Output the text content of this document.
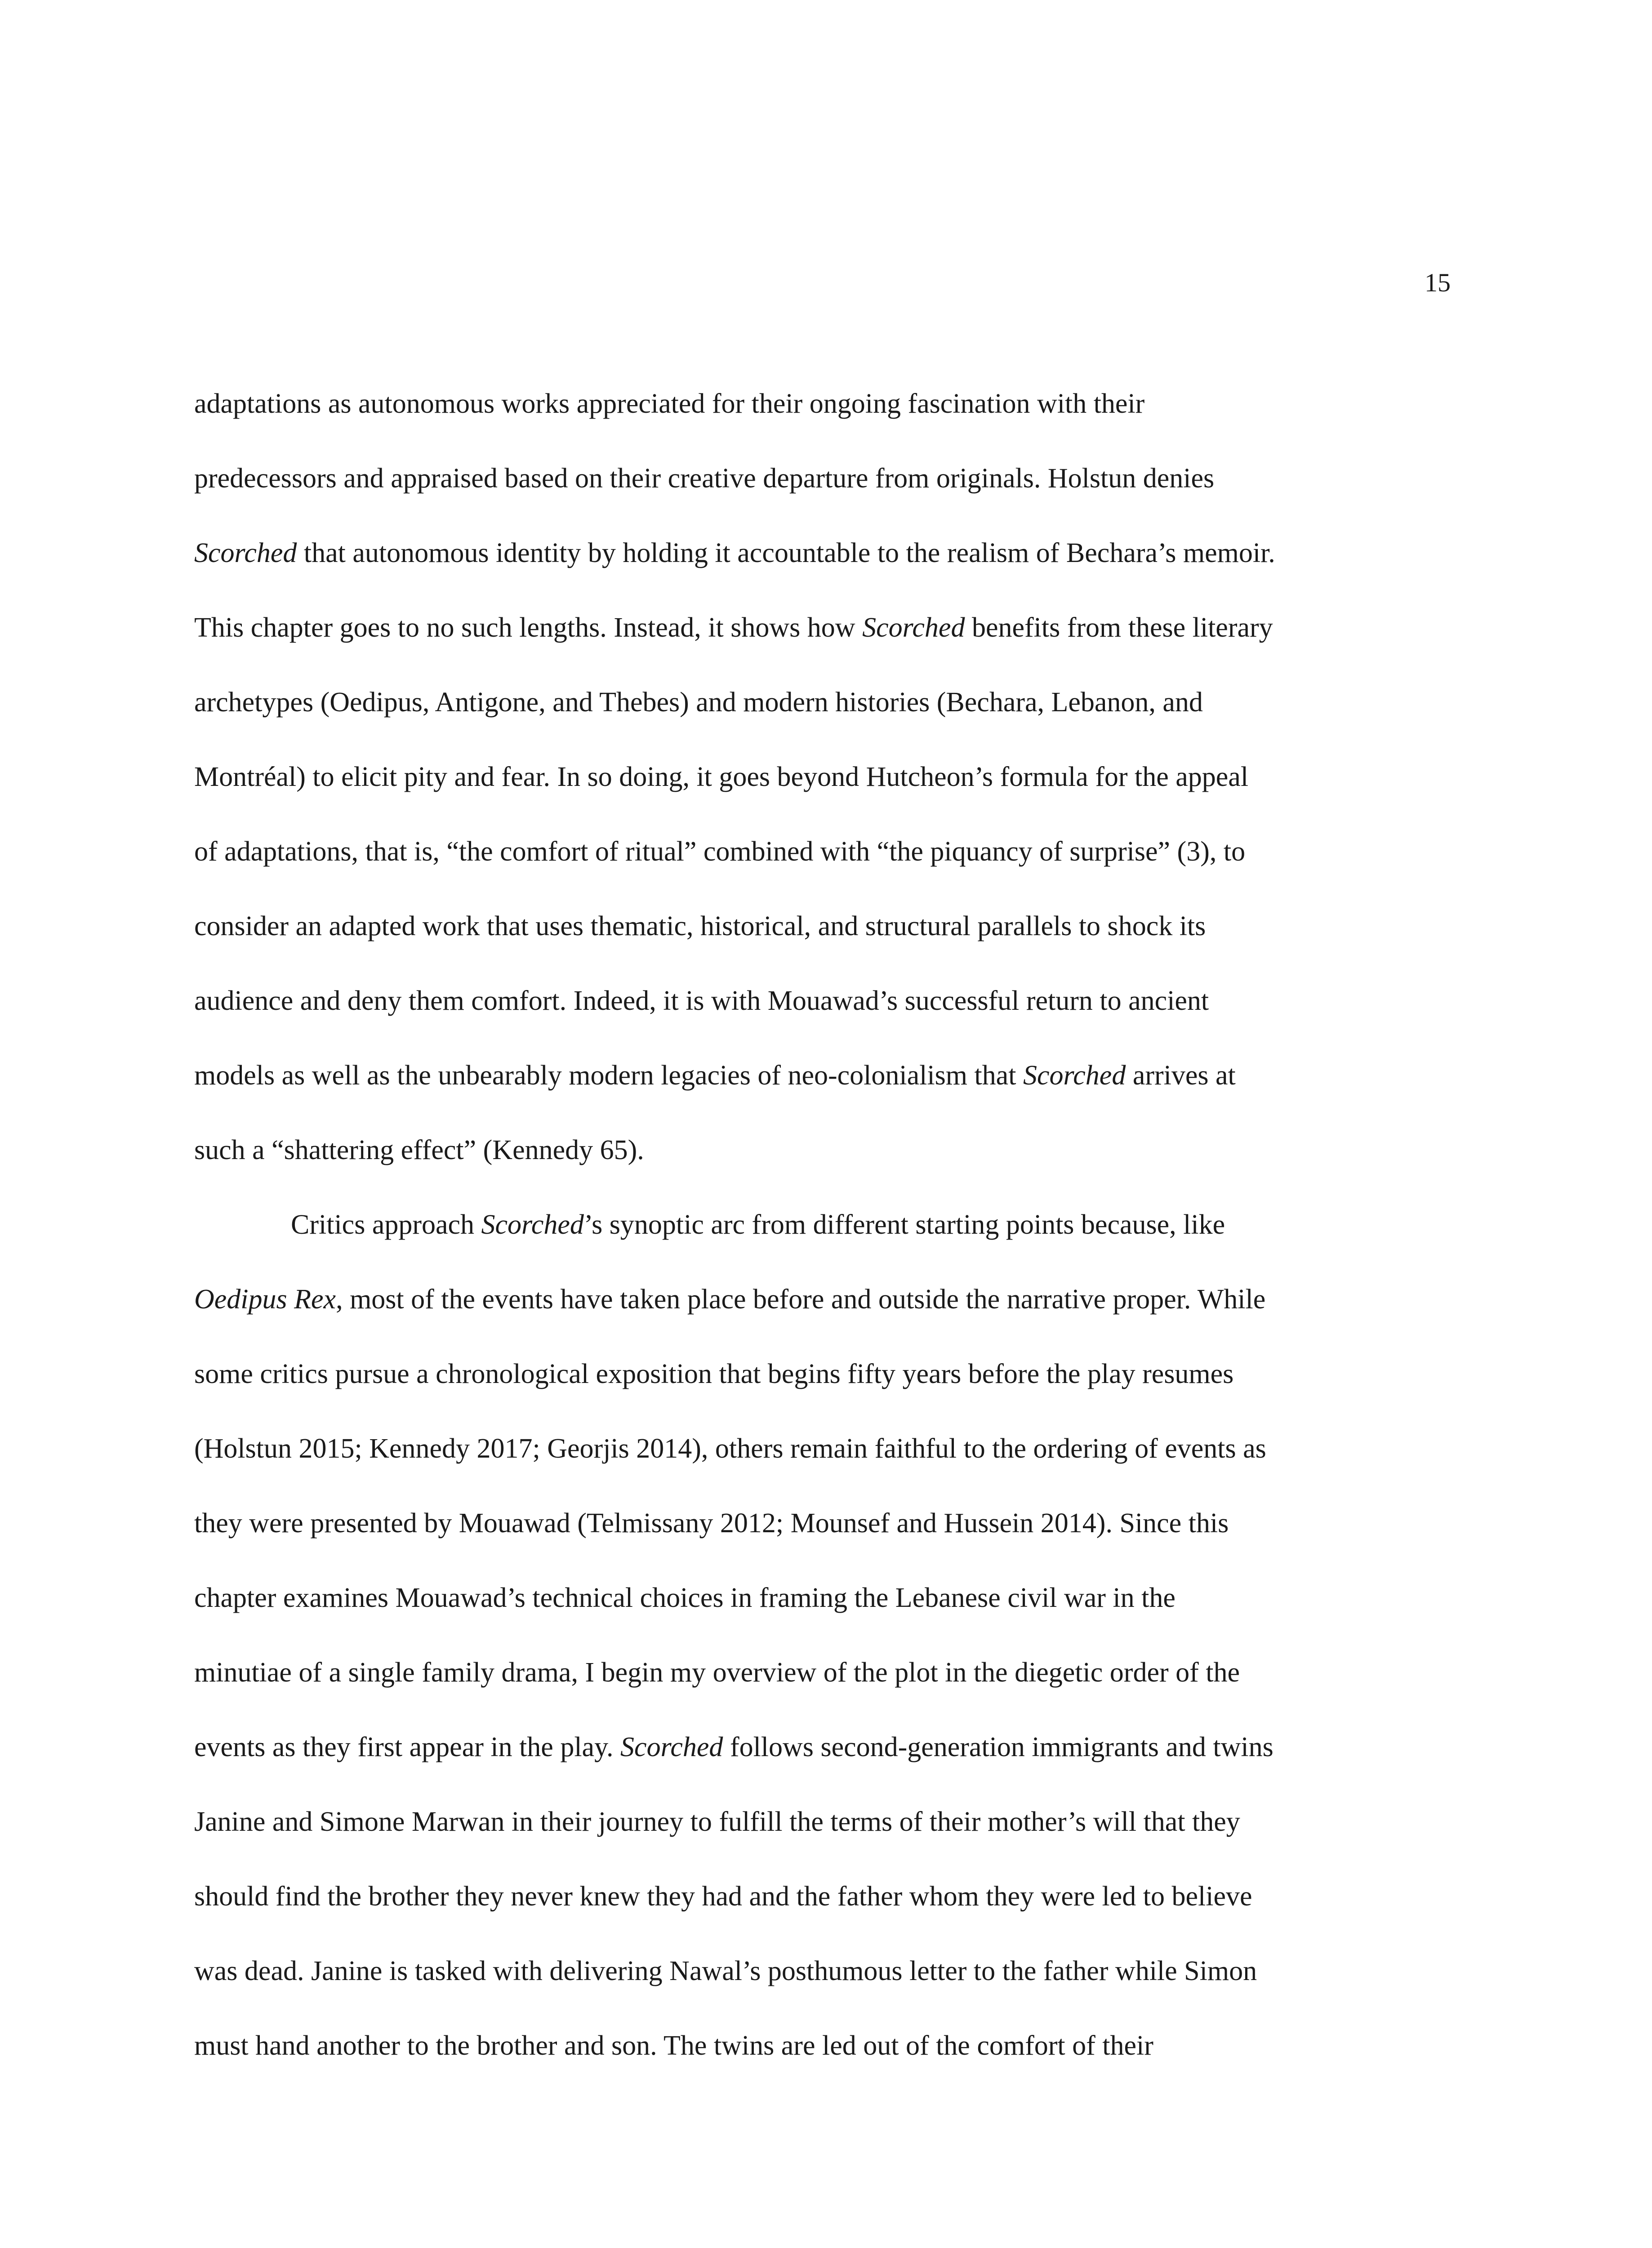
15

adaptations as autonomous works appreciated for their ongoing fascination with their
predecessors and appraised based on their creative departure from originals. Holstun denies
Scorched that autonomous identity by holding it accountable to the realism of Bechara’s memoir.
This chapter goes to no such lengths. Instead, it shows how Scorched benefits from these literary
archetypes (Oedipus, Antigone, and Thebes) and modern histories (Bechara, Lebanon, and
Montréal) to elicit pity and fear. In so doing, it goes beyond Hutcheon’s formula for the appeal
of adaptations, that is, “the comfort of ritual” combined with “the piquancy of surprise” (3), to
consider an adapted work that uses thematic, historical, and structural parallels to shock its
audience and deny them comfort. Indeed, it is with Mouawad’s successful return to ancient
models as well as the unbearably modern legacies of neo-colonialism that Scorched arrives at
such a “shattering effect” (Kennedy 65).

Critics approach Scorched’s synoptic arc from different starting points because, like
Oedipus Rex, most of the events have taken place before and outside the narrative proper. While
some critics pursue a chronological exposition that begins fifty years before the play resumes
(Holstun 2015; Kennedy 2017; Georjis 2014), others remain faithful to the ordering of events as
they were presented by Mouawad (Telmissany 2012; Mounsef and Hussein 2014). Since this
chapter examines Mouawad’s technical choices in framing the Lebanese civil war in the
minutiae of a single family drama, I begin my overview of the plot in the diegetic order of the
events as they first appear in the play. Scorched follows second-generation immigrants and twins
Janine and Simone Marwan in their journey to fulfill the terms of their mother’s will that they
should find the brother they never knew they had and the father whom they were led to believe
was dead. Janine is tasked with delivering Nawal’s posthumous letter to the father while Simon
must hand another to the brother and son. The twins are led out of the comfort of their
